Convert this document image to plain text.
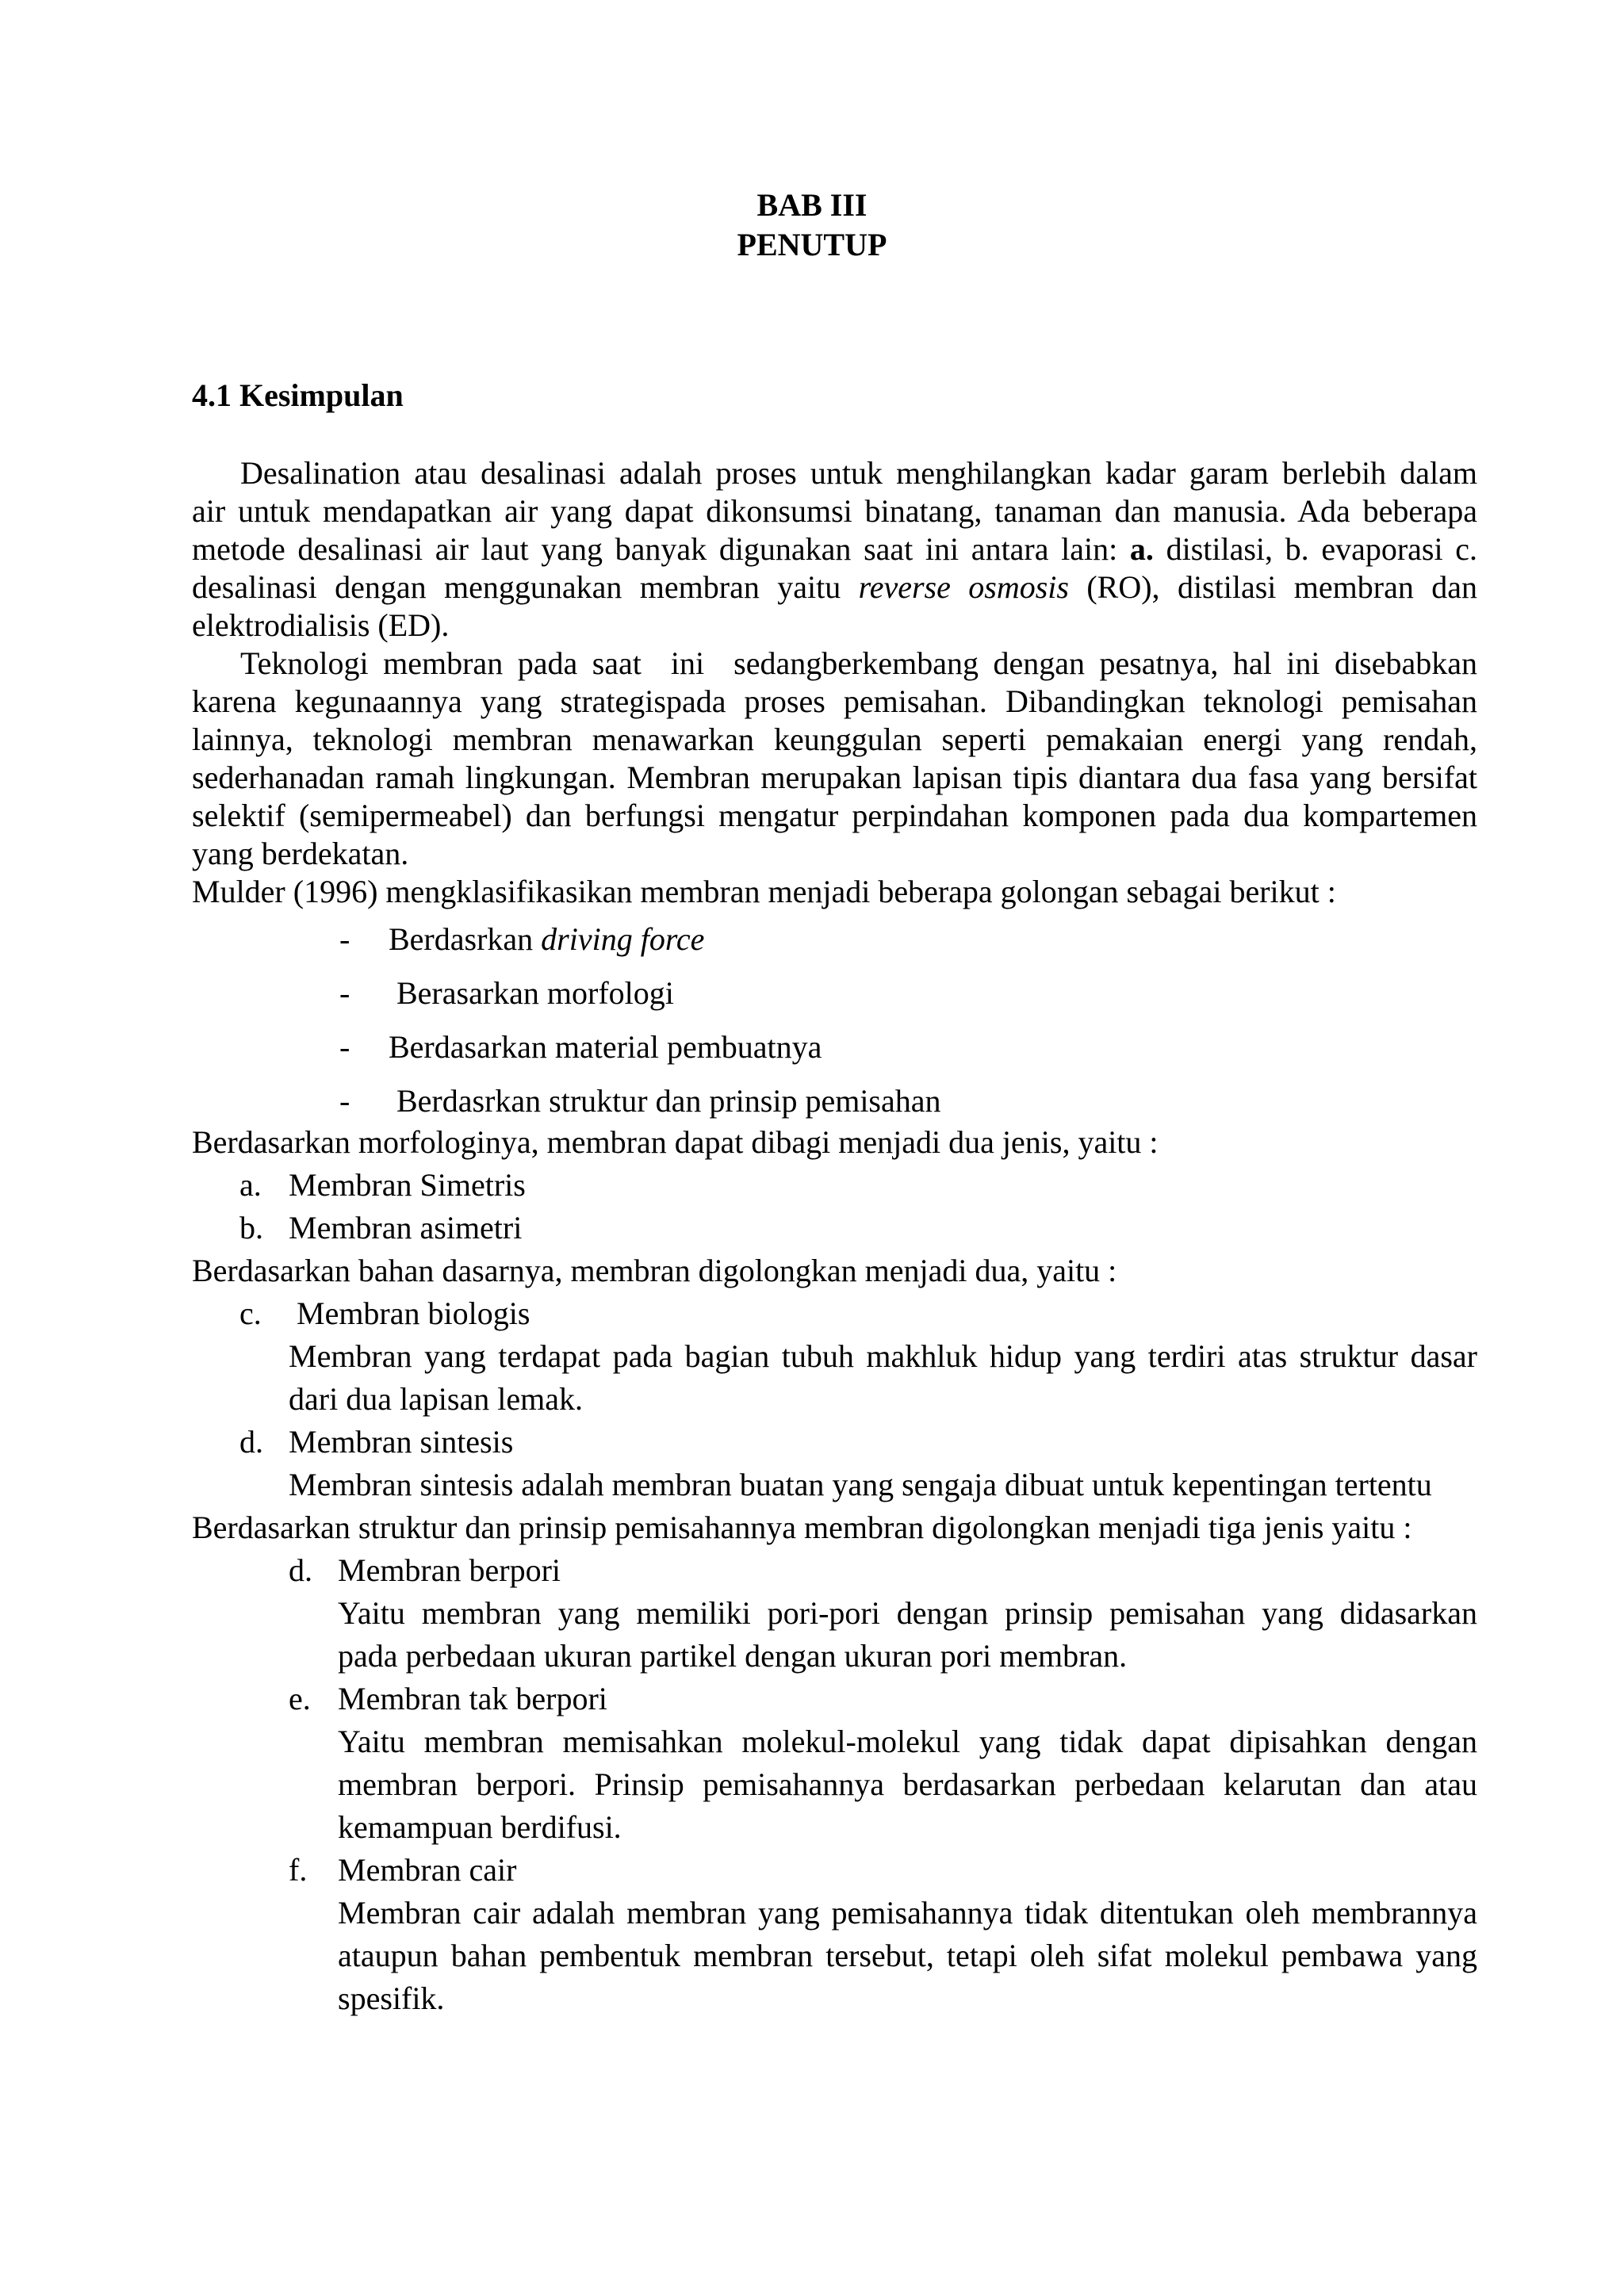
BAB III
PENUTUP
4.1 Kesimpulan
Desalination atau desalinasi adalah proses untuk menghilangkan kadar garam berlebih dalam
air untuk mendapatkan air yang dapat dikonsumsi binatang, tanaman dan manusia. Ada beberapa
metode desalinasi air laut yang banyak digunakan saat ini antara lain: a. distilasi, b. evaporasi c.
desalinasi dengan menggunakan membran yaitu reverse osmosis (RO), distilasi membran dan
elektrodialisis (ED).
Teknologi membran pada saat  ini  sedangberkembang dengan pesatnya, hal ini disebabkan
karena kegunaannya yang strategispada proses pemisahan. Dibandingkan teknologi pemisahan
lainnya, teknologi membran menawarkan keunggulan seperti pemakaian energi yang rendah,
sederhanadan ramah lingkungan. Membran merupakan lapisan tipis diantara dua fasa yang bersifat
selektif (semipermeabel) dan berfungsi mengatur perpindahan komponen pada dua kompartemen
yang berdekatan.
Mulder (1996) mengklasifikasikan membran menjadi beberapa golongan sebagai berikut :
- Berdasrkan driving force
- Berasarkan morfologi
- Berdasarkan material pembuatnya
- Berdasrkan struktur dan prinsip pemisahan
Berdasarkan morfologinya, membran dapat dibagi menjadi dua jenis, yaitu :
a. Membran Simetris
b. Membran asimetri
Berdasarkan bahan dasarnya, membran digolongkan menjadi dua, yaitu :
c. Membran biologis
Membran yang terdapat pada bagian tubuh makhluk hidup yang terdiri atas struktur dasar
dari dua lapisan lemak.
d. Membran sintesis
Membran sintesis adalah membran buatan yang sengaja dibuat untuk kepentingan tertentu
Berdasarkan struktur dan prinsip pemisahannya membran digolongkan menjadi tiga jenis yaitu :
d. Membran berpori
Yaitu membran yang memiliki pori-pori dengan prinsip pemisahan yang didasarkan
pada perbedaan ukuran partikel dengan ukuran pori membran.
e. Membran tak berpori
Yaitu membran memisahkan molekul-molekul yang tidak dapat dipisahkan dengan
membran berpori. Prinsip pemisahannya berdasarkan perbedaan kelarutan dan atau
kemampuan berdifusi.
f. Membran cair
Membran cair adalah membran yang pemisahannya tidak ditentukan oleh membrannya
ataupun bahan pembentuk membran tersebut, tetapi oleh sifat molekul pembawa yang
spesifik.
